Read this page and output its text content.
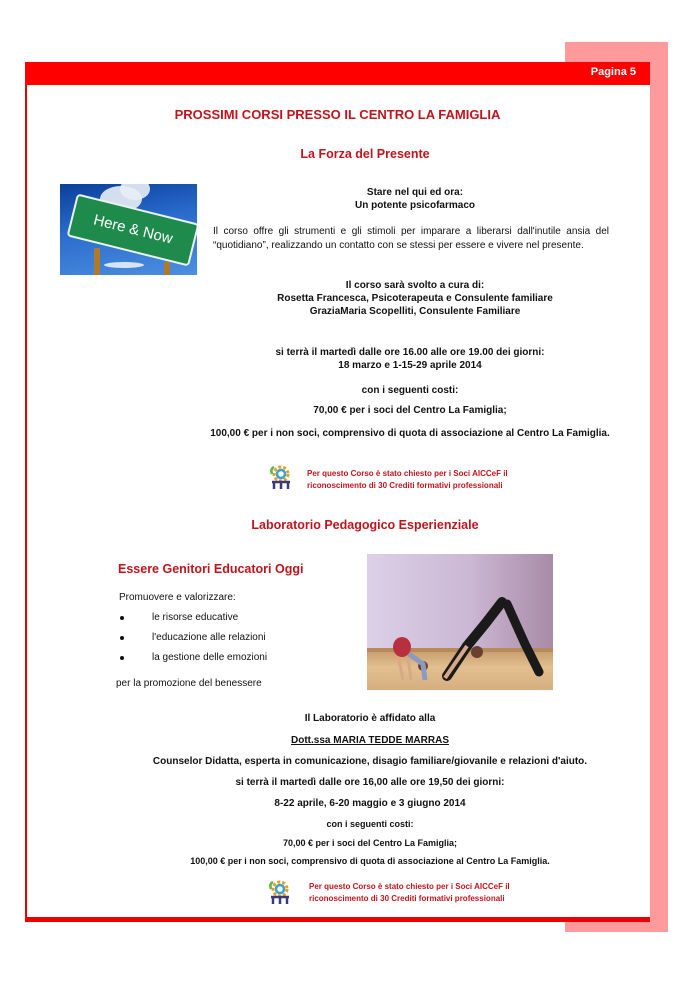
Pagina 5
PROSSIMI CORSI PRESSO IL CENTRO LA FAMIGLIA
La Forza del Presente
Here & Now
Stare nel qui ed ora:
Un potente psicofarmaco
Il corso offre gli strumenti e gli stimoli per imparare a liberarsi dall'inutile ansia del “quotidiano”, realizzando un contatto con se stessi per essere e vivere nel presente.
Il corso sarà svolto a cura di:
Rosetta Francesca, Psicoterapeuta e Consulente familiare
GraziaMaria Scopelliti, Consulente Familiare
si terrà il martedì dalle ore 16.00 alle ore 19.00 dei giorni:
18 marzo e 1-15-29 aprile 2014
con i seguenti costi:
70,00 € per i soci del Centro La Famiglia;
100,00 € per i non soci, comprensivo di quota di associazione al Centro La Famiglia.
Per questo Corso è stato chiesto per i Soci AICCeF il
riconoscimento di 30 Crediti formativi professionali
Laboratorio Pedagogico Esperienziale
Essere Genitori Educatori Oggi
Promuovere e valorizzare:
le risorse educative
l'educazione alle relazioni
la gestione delle emozioni
per la promozione del benessere
Il Laboratorio è affidato alla
Dott.ssa MARIA TEDDE MARRAS
Counselor Didatta, esperta in comunicazione, disagio familiare/giovanile e relazioni d'aiuto.
si terrà il martedì dalle ore 16,00 alle ore 19,50 dei giorni:
8-22 aprile, 6-20 maggio e 3 giugno 2014
con i seguenti costi:
70,00 € per i soci del Centro La Famiglia;
100,00 € per i non soci, comprensivo di quota di associazione al Centro La Famiglia.
Per questo Corso è stato chiesto per i Soci AICCeF il
riconoscimento di 30 Crediti formativi professionali
